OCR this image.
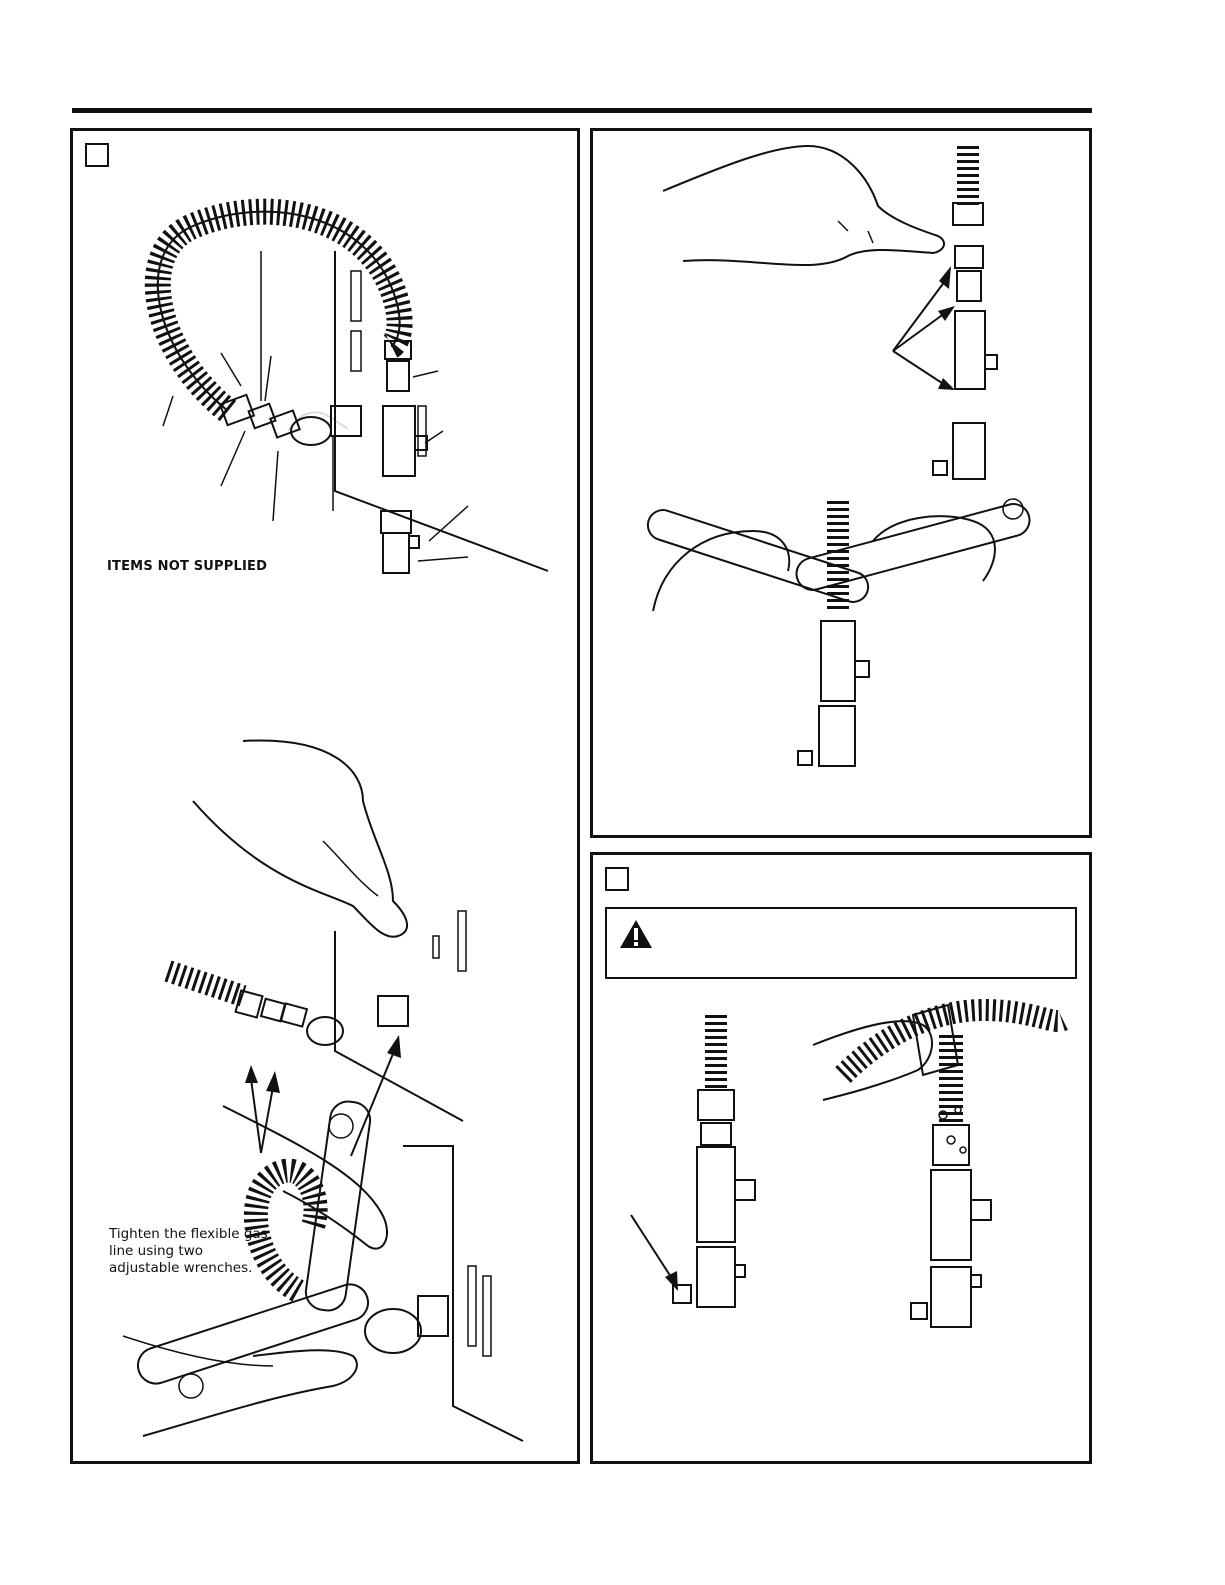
ITEMS NOT SUPPLIED
Tighten the flexible gas line using two adjustable wrenches.
